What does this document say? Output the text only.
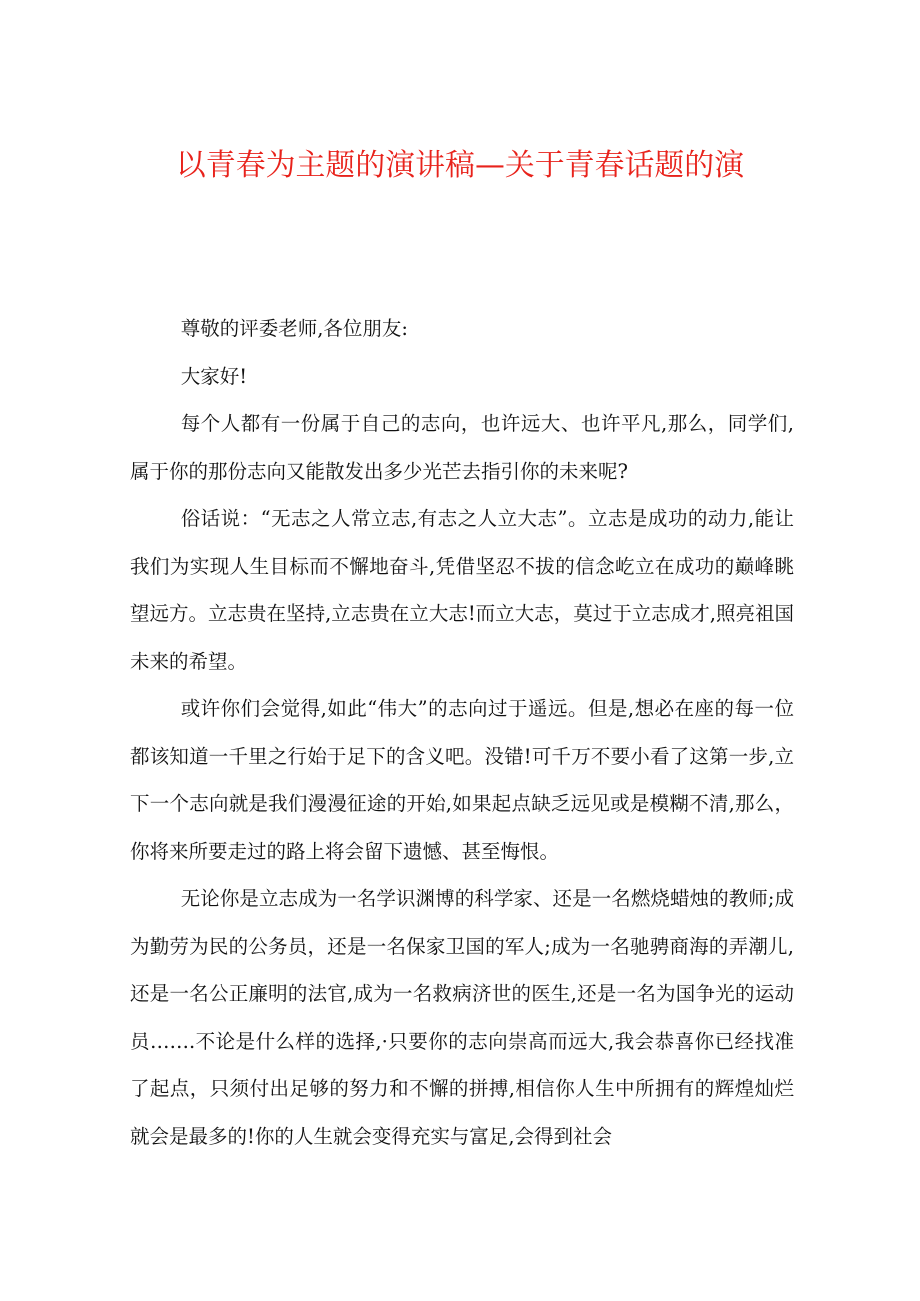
以青春为主题的演讲稿—关于青春话题的演

尊敬的评委老师,各位朋友:

大家好!

每个人都有一份属于自己的志向，也许远大、也许平凡,那么，同学们,属于你的那份志向又能散发出多少光芒去指引你的未来呢?

俗话说：“无志之人常立志,有志之人立大志”。立志是成功的动力,能让我们为实现人生目标而不懈地奋斗,凭借坚忍不拔的信念屹立在成功的巅峰眺望远方。立志贵在坚持,立志贵在立大志!而立大志，莫过于立志成才,照亮祖国未来的希望。

或许你们会觉得,如此“伟大”的志向过于遥远。但是,想必在座的每一位都该知道一千里之行始于足下的含义吧。没错!可千万不要小看了这第一步,立下一个志向就是我们漫漫征途的开始,如果起点缺乏远见或是模糊不清,那么，你将来所要走过的路上将会留下遗憾、甚至悔恨。

无论你是立志成为一名学识渊博的科学家、还是一名燃烧蜡烛的教师;成为勤劳为民的公务员，还是一名保家卫国的军人;成为一名驰骋商海的弄潮儿,还是一名公正廉明的法官,成为一名救病济世的医生,还是一名为国争光的运动员…….不论是什么样的选择,·只要你的志向崇高而远大,我会恭喜你已经找准了起点，只须付出足够的努力和不懈的拼搏,相信你人生中所拥有的辉煌灿烂就会是最多的!你的人生就会变得充实与富足,会得到社会
